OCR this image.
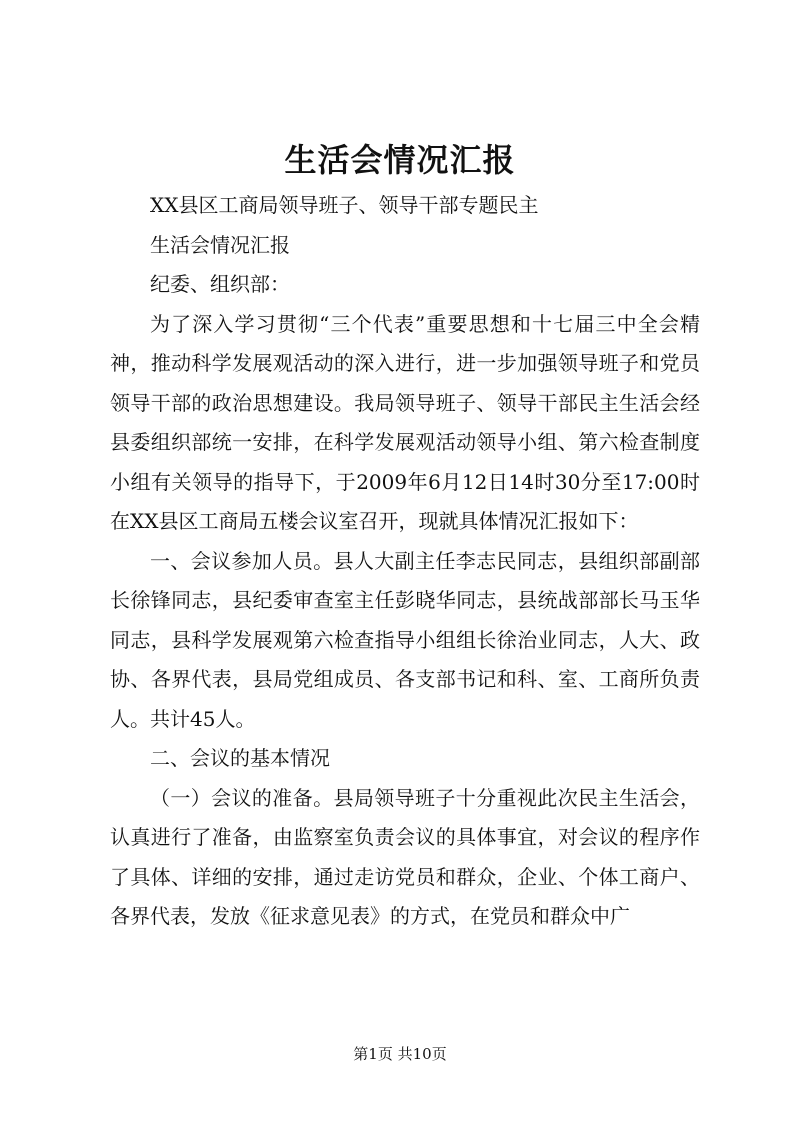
生活会情况汇报

XX县区工商局领导班子、领导干部专题民主

生活会情况汇报

纪委、组织部：

为了深入学习贯彻“三个代表”重要思想和十七届三中全会精神，推动科学发展观活动的深入进行，进一步加强领导班子和党员领导干部的政治思想建设。我局领导班子、领导干部民主生活会经县委组织部统一安排，在科学发展观活动领导小组、第六检查制度小组有关领导的指导下，于2009年6月12日14时30分至17:00时在XX县区工商局五楼会议室召开，现就具体情况汇报如下：

一、会议参加人员。县人大副主任李志民同志，县组织部副部长徐锋同志，县纪委审查室主任彭晓华同志，县统战部部长马玉华同志，县科学发展观第六检查指导小组组长徐治业同志，人大、政协、各界代表，县局党组成员、各支部书记和科、室、工商所负责人。共计45人。

二、会议的基本情况

（一）会议的准备。县局领导班子十分重视此次民主生活会，认真进行了准备，由监察室负责会议的具体事宜，对会议的程序作了具体、详细的安排，通过走访党员和群众，企业、个体工商户、各界代表，发放《征求意见表》的方式，在党员和群众中广

第1页 共10页
